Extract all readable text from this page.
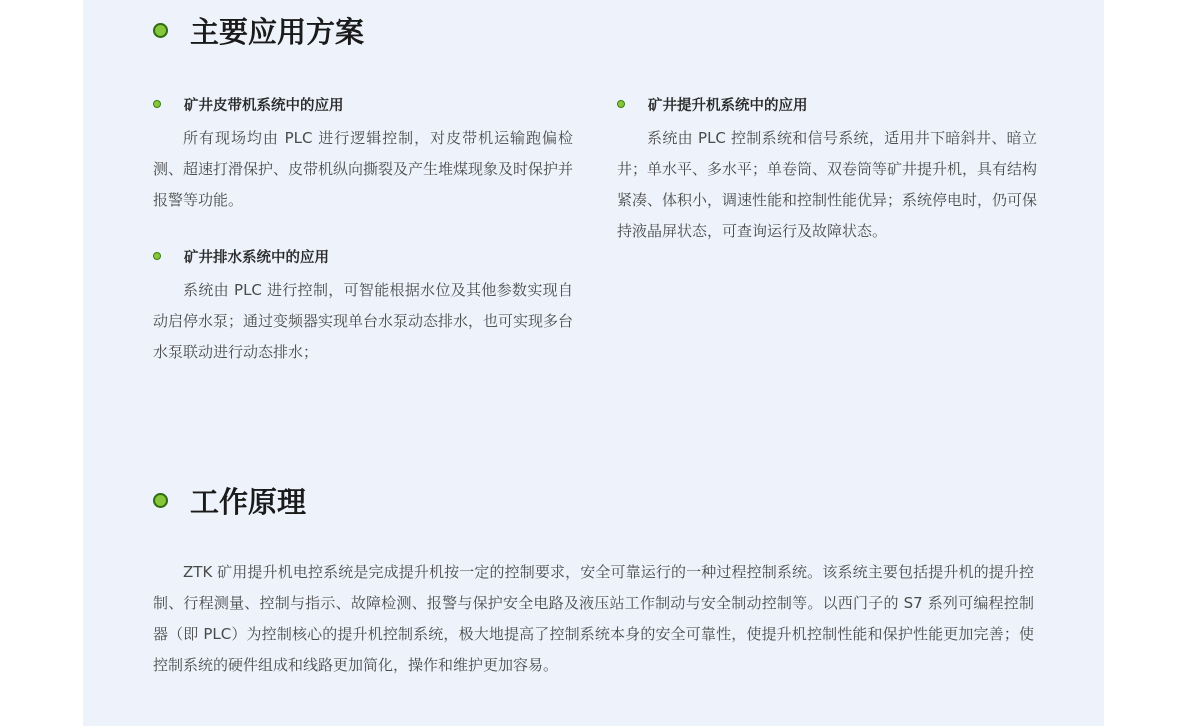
主要应用方案
矿井皮带机系统中的应用
所有现场均由 PLC 进行逻辑控制，对皮带机运输跑偏检测、超速打滑保护、皮带机纵向撕裂及产生堆煤现象及时保护并报警等功能。
矿井排水系统中的应用
系统由 PLC 进行控制，可智能根据水位及其他参数实现自动启停水泵；通过变频器实现单台水泵动态排水，也可实现多台水泵联动进行动态排水；
矿井提升机系统中的应用
系统由 PLC 控制系统和信号系统，适用井下暗斜井、暗立井；单水平、多水平；单卷筒、双卷筒等矿井提升机，具有结构紧凑、体积小，调速性能和控制性能优异；系统停电时，仍可保持液晶屏状态，可查询运行及故障状态。
工作原理
ZTK 矿用提升机电控系统是完成提升机按一定的控制要求，安全可靠运行的一种过程控制系统。该系统主要包括提升机的提升控制、行程测量、控制与指示、故障检测、报警与保护安全电路及液压站工作制动与安全制动控制等。以西门子的 S7 系列可编程控制器（即 PLC）为控制核心的提升机控制系统，极大地提高了控制系统本身的安全可靠性，使提升机控制性能和保护性能更加完善；使控制系统的硬件组成和线路更加简化，操作和维护更加容易。
